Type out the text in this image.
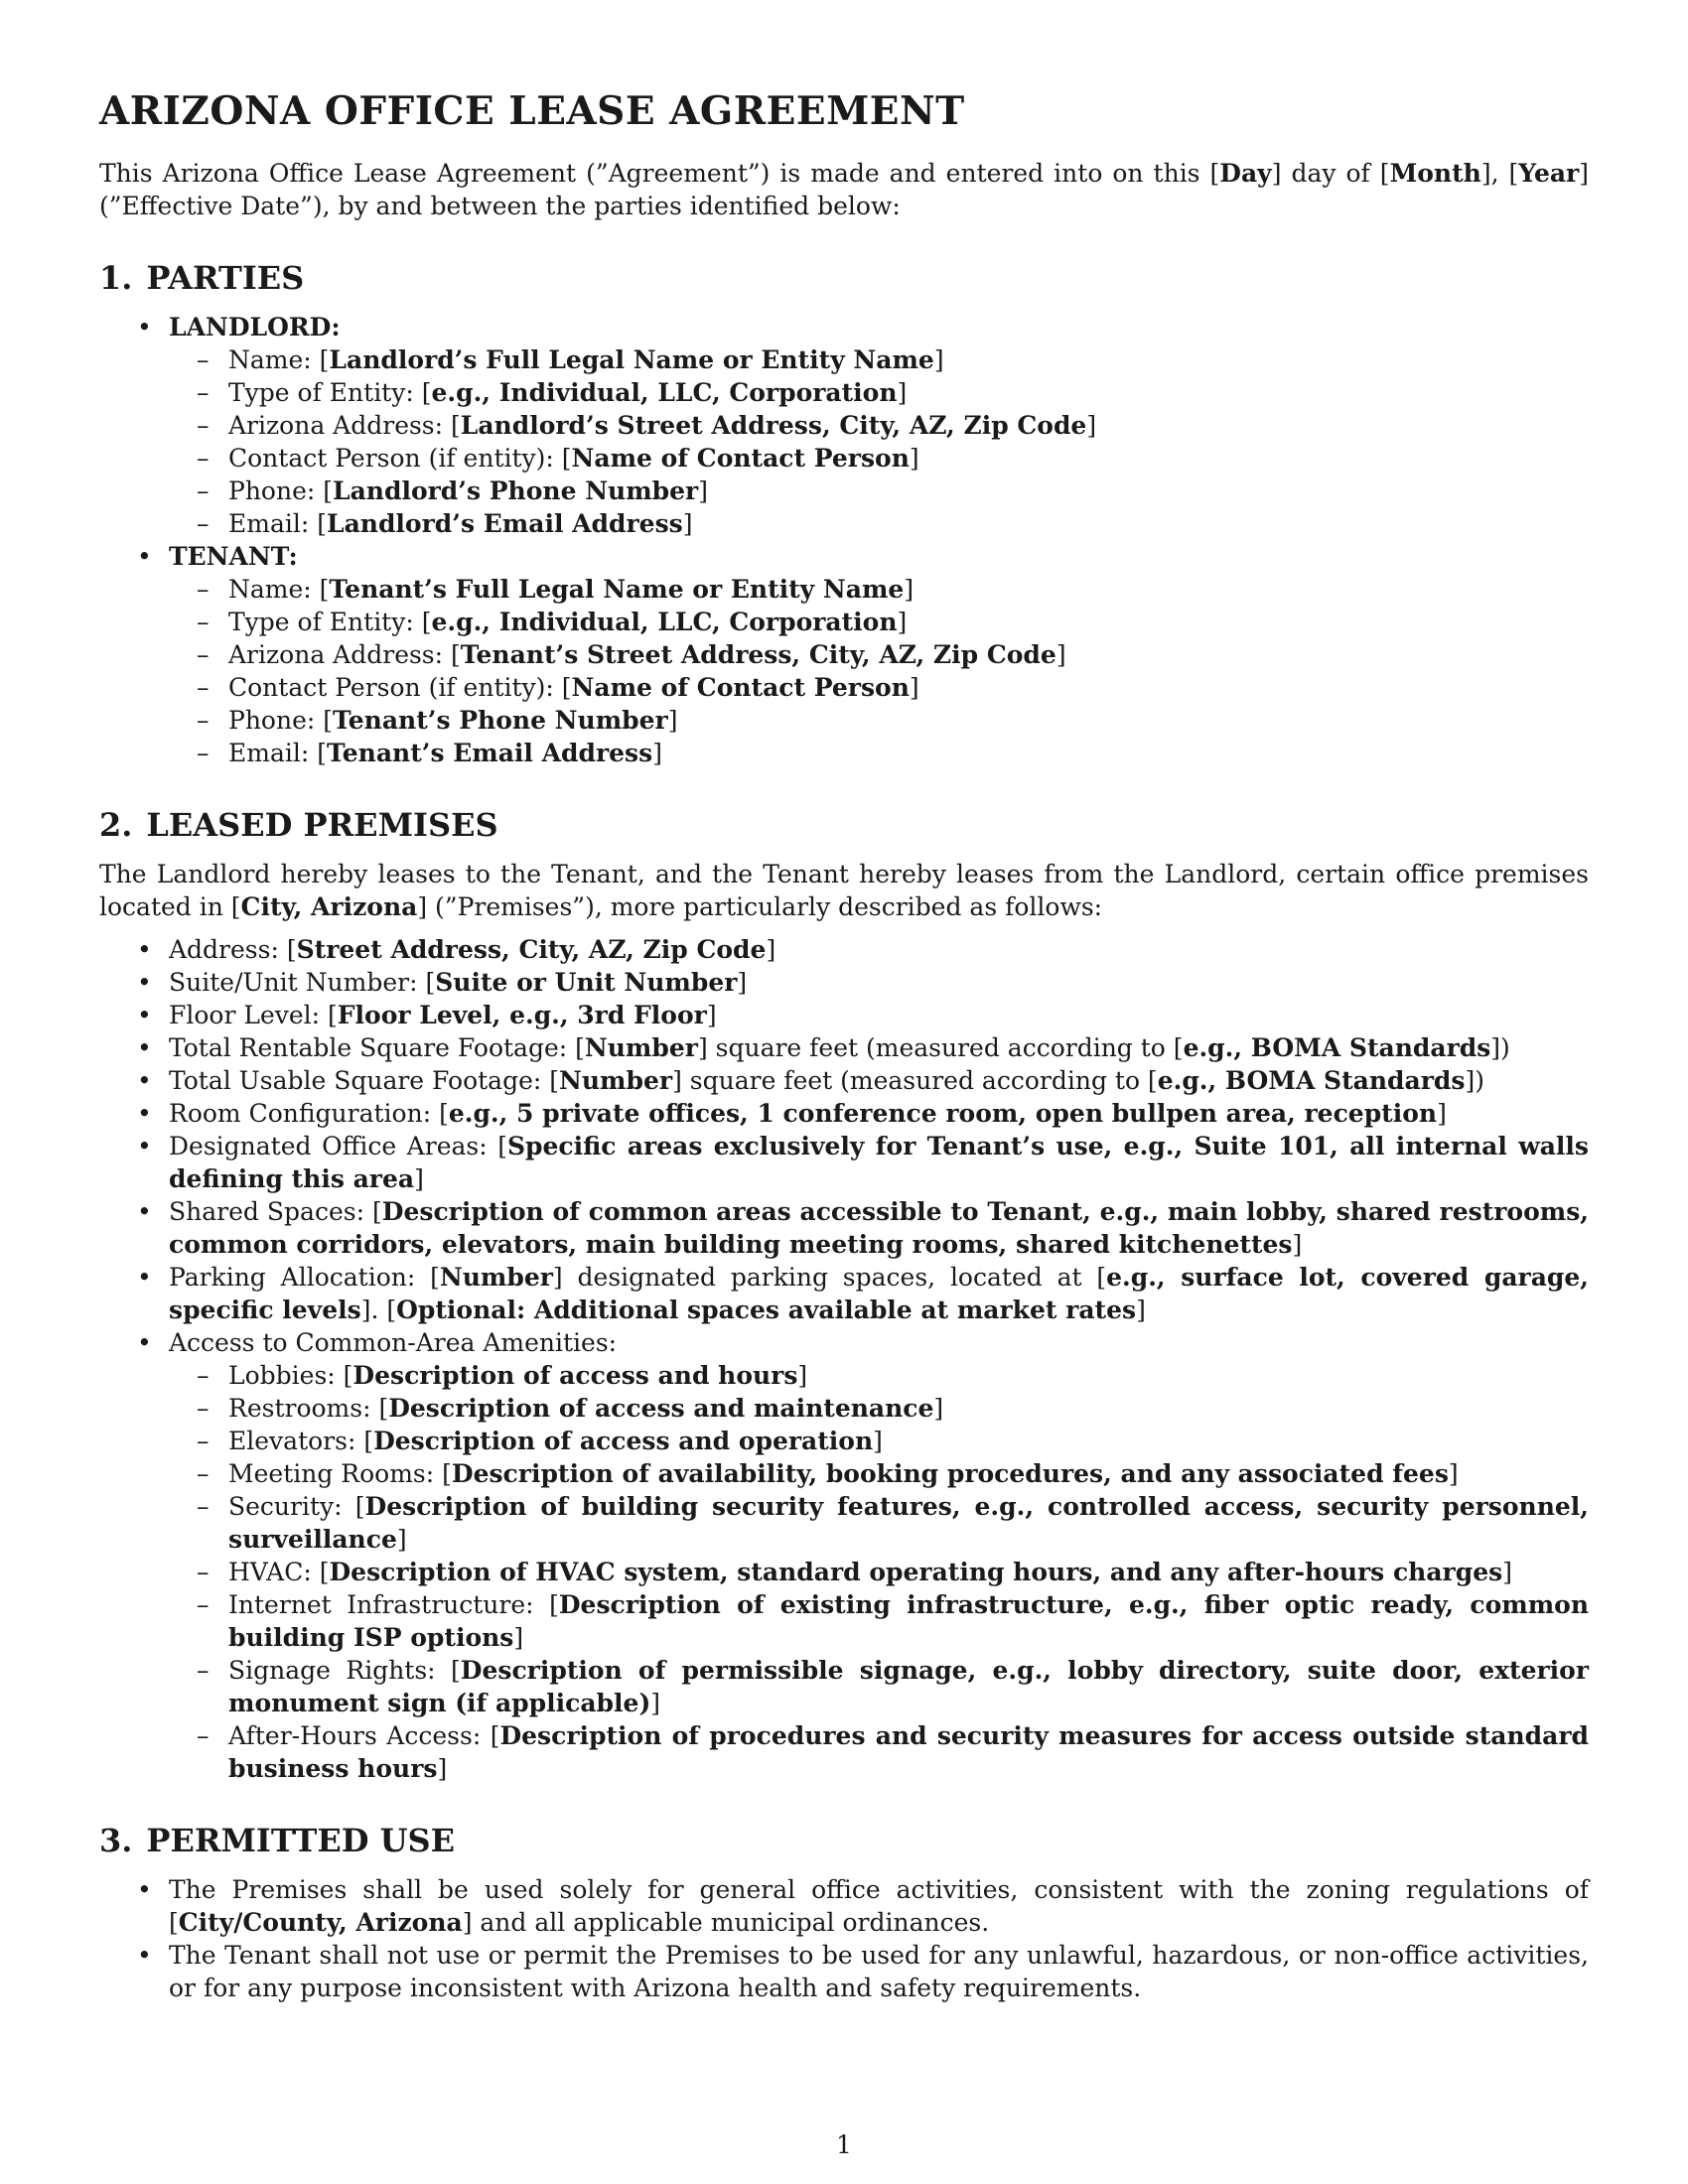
ARIZONA OFFICE LEASE AGREEMENT

This Arizona Office Lease Agreement (”Agreement”) is made and entered into on this [Day] day of [Month], [Year] (”Effective Date”), by and between the parties identified below:

1. PARTIES
• LANDLORD:
– Name: [Landlord’s Full Legal Name or Entity Name]
– Type of Entity: [e.g., Individual, LLC, Corporation]
– Arizona Address: [Landlord’s Street Address, City, AZ, Zip Code]
– Contact Person (if entity): [Name of Contact Person]
– Phone: [Landlord’s Phone Number]
– Email: [Landlord’s Email Address]
• TENANT:
– Name: [Tenant’s Full Legal Name or Entity Name]
– Type of Entity: [e.g., Individual, LLC, Corporation]
– Arizona Address: [Tenant’s Street Address, City, AZ, Zip Code]
– Contact Person (if entity): [Name of Contact Person]
– Phone: [Tenant’s Phone Number]
– Email: [Tenant’s Email Address]
2. LEASED PREMISES

The Landlord hereby leases to the Tenant, and the Tenant hereby leases from the Landlord, certain office premises located in [City, Arizona] (”Premises”), more particularly described as follows:

• Address: [Street Address, City, AZ, Zip Code]
• Suite/Unit Number: [Suite or Unit Number]
• Floor Level: [Floor Level, e.g., 3rd Floor]
• Total Rentable Square Footage: [Number] square feet (measured according to [e.g., BOMA Standards])
• Total Usable Square Footage: [Number] square feet (measured according to [e.g., BOMA Standards])
• Room Configuration: [e.g., 5 private offices, 1 conference room, open bullpen area, reception]
• Designated Office Areas: [Specific areas exclusively for Tenant’s use, e.g., Suite 101, all internal walls defining this area]
• Shared Spaces: [Description of common areas accessible to Tenant, e.g., main lobby, shared restrooms, common corridors, elevators, main building meeting rooms, shared kitchenettes]
• Parking Allocation: [Number] designated parking spaces, located at [e.g., surface lot, covered garage, specific levels]. [Optional: Additional spaces available at market rates]
• Access to Common-Area Amenities:
– Lobbies: [Description of access and hours]
– Restrooms: [Description of access and maintenance]
– Elevators: [Description of access and operation]
– Meeting Rooms: [Description of availability, booking procedures, and any associated fees]
– Security: [Description of building security features, e.g., controlled access, security personnel, surveillance]
– HVAC: [Description of HVAC system, standard operating hours, and any after-hours charges]
– Internet Infrastructure: [Description of existing infrastructure, e.g., fiber optic ready, common building ISP options]
– Signage Rights: [Description of permissible signage, e.g., lobby directory, suite door, exterior monument sign (if applicable)]
– After-Hours Access: [Description of procedures and security measures for access outside standard business hours]
3. PERMITTED USE
• The Premises shall be used solely for general office activities, consistent with the zoning regulations of [City/County, Arizona] and all applicable municipal ordinances.
• The Tenant shall not use or permit the Premises to be used for any unlawful, hazardous, or non-office activities, or for any purpose inconsistent with Arizona health and safety requirements.
1
